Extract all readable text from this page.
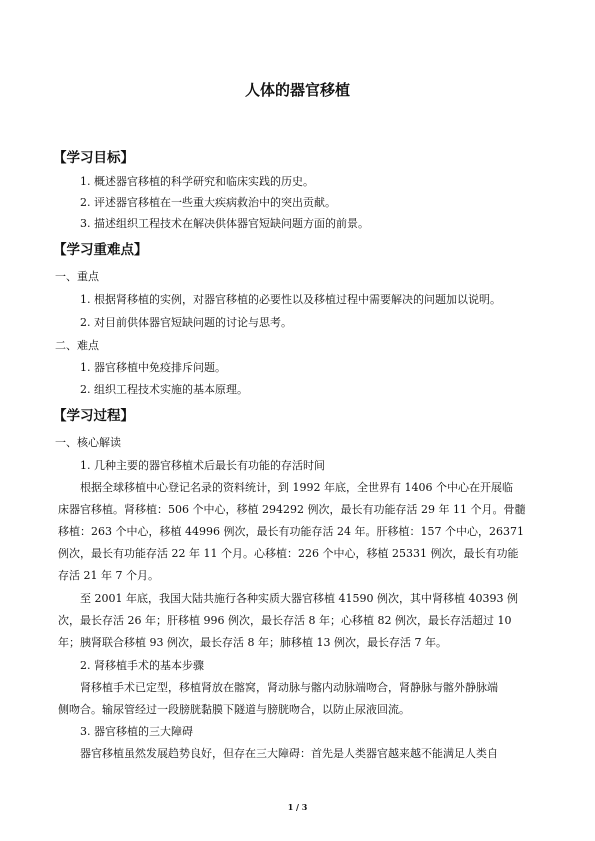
人体的器官移植
【学习目标】
1. 概述器官移植的科学研究和临床实践的历史。
2. 评述器官移植在一些重大疾病救治中的突出贡献。
3. 描述组织工程技术在解决供体器官短缺问题方面的前景。
【学习重难点】
一、重点
1. 根据肾移植的实例，对器官移植的必要性以及移植过程中需要解决的问题加以说明。
2. 对目前供体器官短缺问题的讨论与思考。
二、难点
1. 器官移植中免疫排斥问题。
2. 组织工程技术实施的基本原理。
【学习过程】
一、核心解读
1. 几种主要的器官移植术后最长有功能的存活时间
根据全球移植中心登记名录的资料统计，到 1992 年底，全世界有 1406 个中心在开展临
床器官移植。肾移植：506 个中心，移植 294292 例次，最长有功能存活 29 年 11 个月。骨髓
移植：263 个中心，移植 44996 例次，最长有功能存活 24 年。肝移植：157 个中心，26371
例次，最长有功能存活 22 年 11 个月。心移植：226 个中心，移植 25331 例次，最长有功能
存活 21 年 7 个月。
至 2001 年底，我国大陆共施行各种实质大器官移植 41590 例次，其中肾移植 40393 例
次，最长存活 26 年；肝移植 996 例次，最长存活 8 年；心移植 82 例次，最长存活超过 10
年；胰肾联合移植 93 例次，最长存活 8 年；肺移植 13 例次，最长存活 7 年。
2. 肾移植手术的基本步骤
肾移植手术已定型，移植肾放在髂窝，肾动脉与髂内动脉端吻合，肾静脉与髂外静脉端
侧吻合。输尿管经过一段膀胱黏膜下隧道与膀胱吻合，以防止尿液回流。
3. 器官移植的三大障碍
器官移植虽然发展趋势良好，但存在三大障碍：首先是人类器官越来越不能满足人类自
1 / 3
